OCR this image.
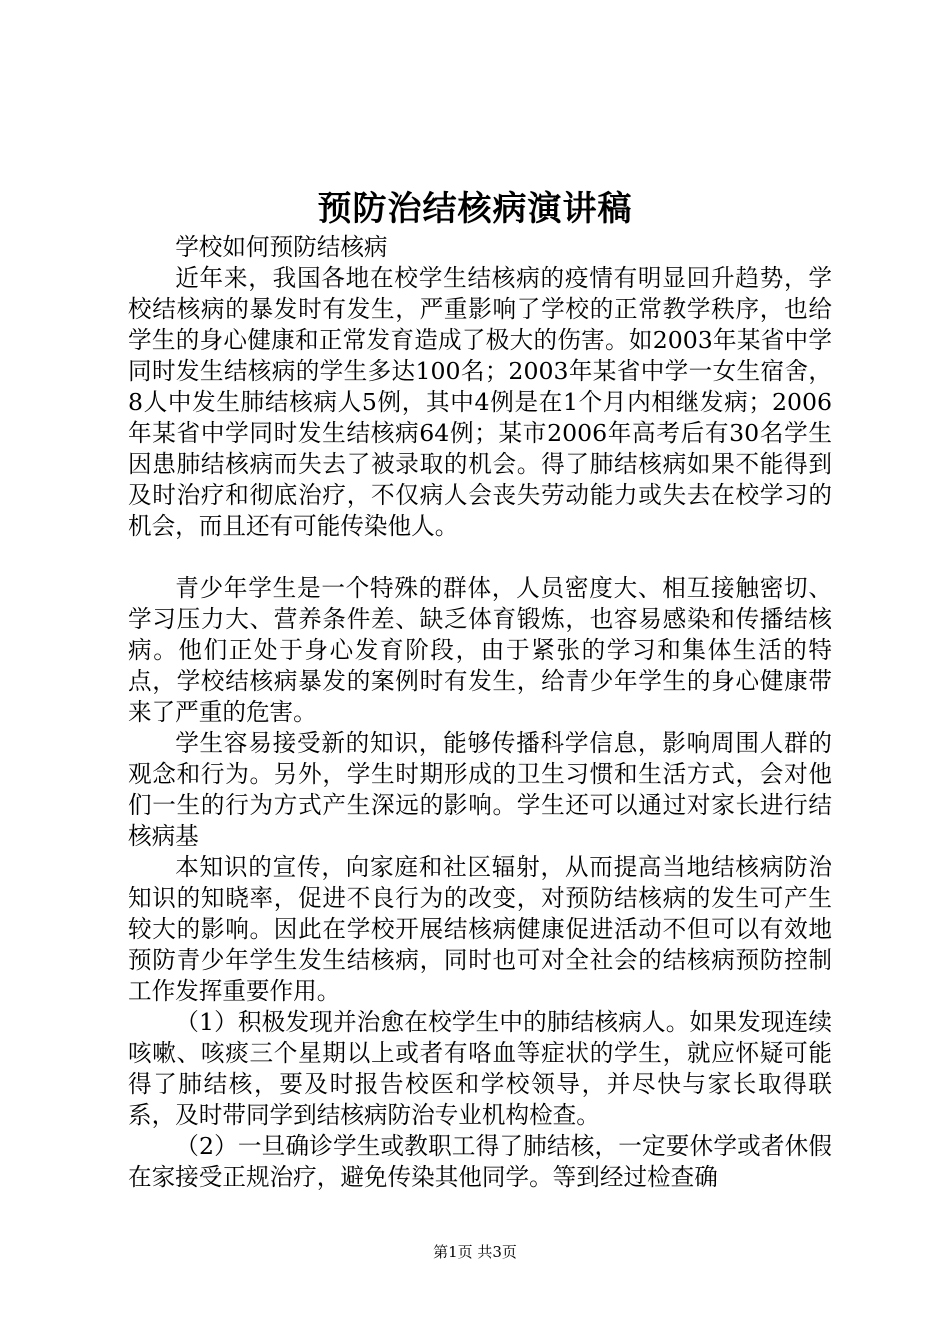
预防治结核病演讲稿

学校如何预防结核病

近年来，我国各地在校学生结核病的疫情有明显回升趋势，学校结核病的暴发时有发生，严重影响了学校的正常教学秩序，也给学生的身心健康和正常发育造成了极大的伤害。如2003年某省中学同时发生结核病的学生多达100名；2003年某省中学一女生宿舍，8人中发生肺结核病人5例，其中4例是在1个月内相继发病；2006年某省中学同时发生结核病64例；某市2006年高考后有30名学生因患肺结核病而失去了被录取的机会。得了肺结核病如果不能得到及时治疗和彻底治疗，不仅病人会丧失劳动能力或失去在校学习的机会，而且还有可能传染他人。

青少年学生是一个特殊的群体，人员密度大、相互接触密切、学习压力大、营养条件差、缺乏体育锻炼，也容易感染和传播结核病。他们正处于身心发育阶段，由于紧张的学习和集体生活的特点，学校结核病暴发的案例时有发生，给青少年学生的身心健康带来了严重的危害。

学生容易接受新的知识，能够传播科学信息，影响周围人群的观念和行为。另外，学生时期形成的卫生习惯和生活方式，会对他们一生的行为方式产生深远的影响。学生还可以通过对家长进行结核病基

本知识的宣传，向家庭和社区辐射，从而提高当地结核病防治知识的知晓率，促进不良行为的改变，对预防结核病的发生可产生较大的影响。因此在学校开展结核病健康促进活动不但可以有效地预防青少年学生发生结核病，同时也可对全社会的结核病预防控制工作发挥重要作用。

（1）积极发现并治愈在校学生中的肺结核病人。如果发现连续咳嗽、咳痰三个星期以上或者有咯血等症状的学生，就应怀疑可能得了肺结核，要及时报告校医和学校领导，并尽快与家长取得联系，及时带同学到结核病防治专业机构检查。

（2）一旦确诊学生或教职工得了肺结核，一定要休学或者休假在家接受正规治疗，避免传染其他同学。等到经过检查确

第1页 共3页
